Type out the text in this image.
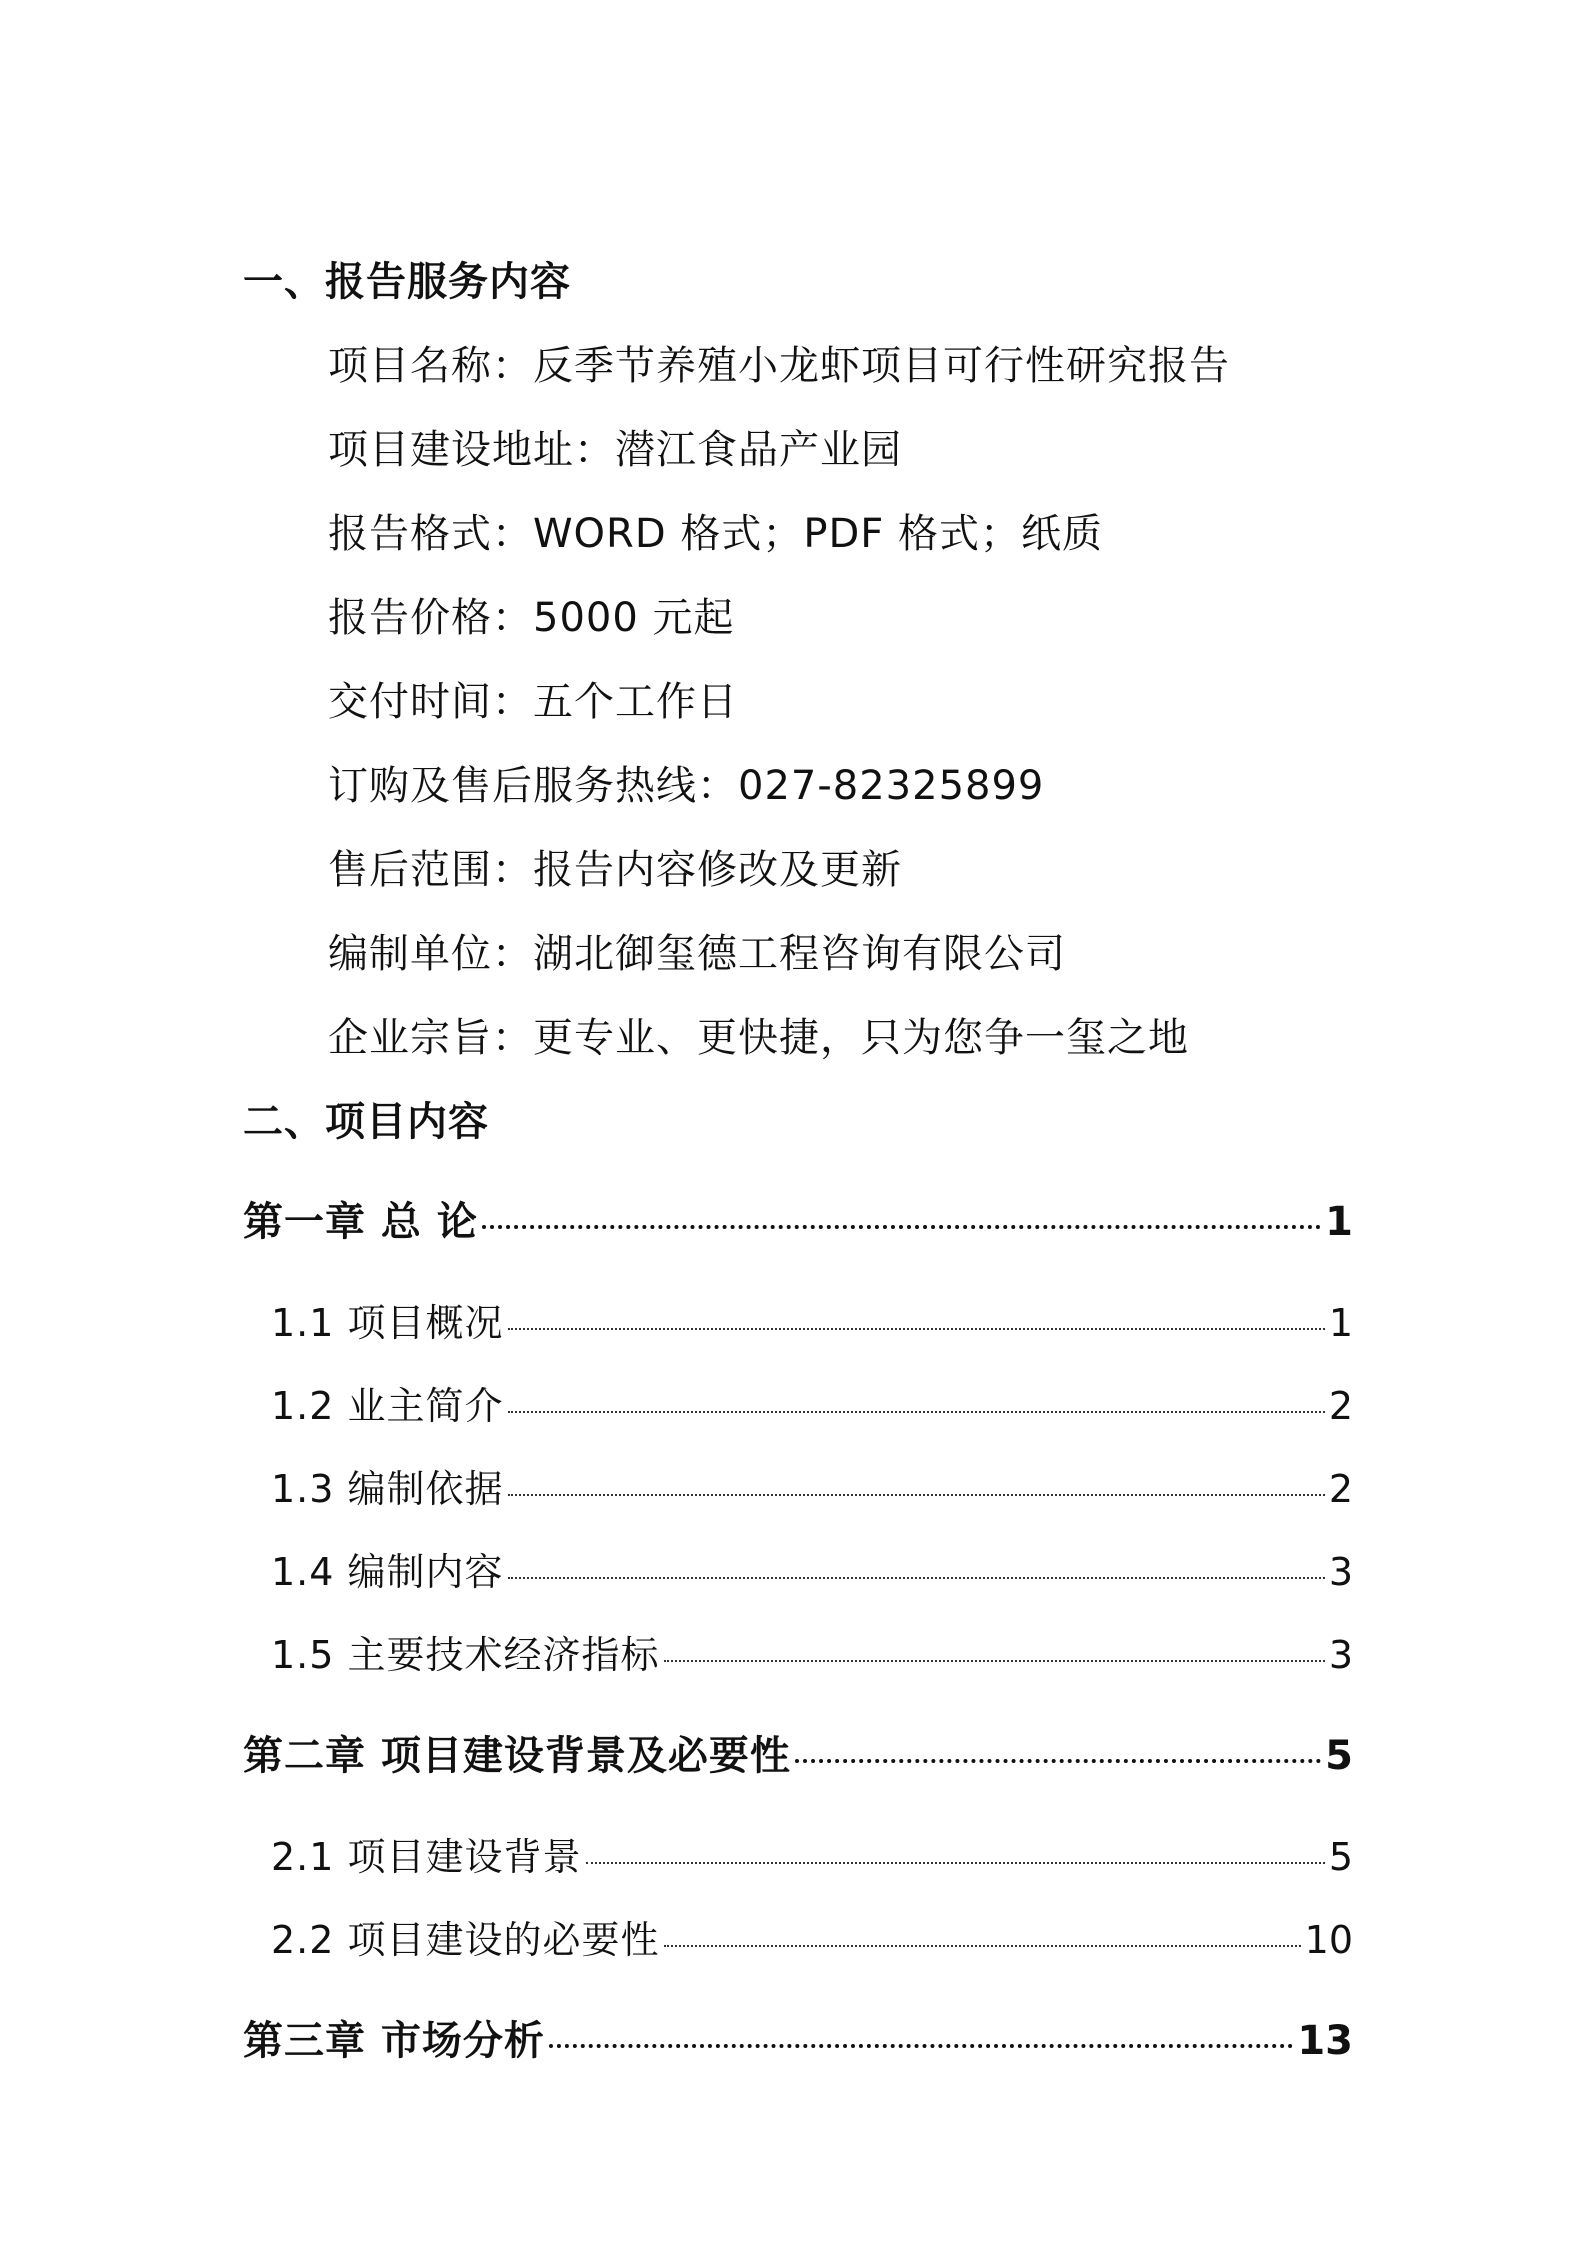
一、报告服务内容
项目名称：反季节养殖小龙虾项目可行性研究报告
项目建设地址：潜江食品产业园
报告格式：WORD 格式；PDF 格式；纸质
报告价格：5000 元起
交付时间：五个工作日
订购及售后服务热线：027-82325899
售后范围：报告内容修改及更新
编制单位：湖北御玺德工程咨询有限公司
企业宗旨：更专业、更快捷，只为您争一玺之地
二、项目内容
第一章 总 论	1
1.1 项目概况	1
1.2 业主简介	2
1.3 编制依据	2
1.4 编制内容	3
1.5 主要技术经济指标	3
第二章 项目建设背景及必要性	5
2.1 项目建设背景	5
2.2 项目建设的必要性	10
第三章 市场分析	13
